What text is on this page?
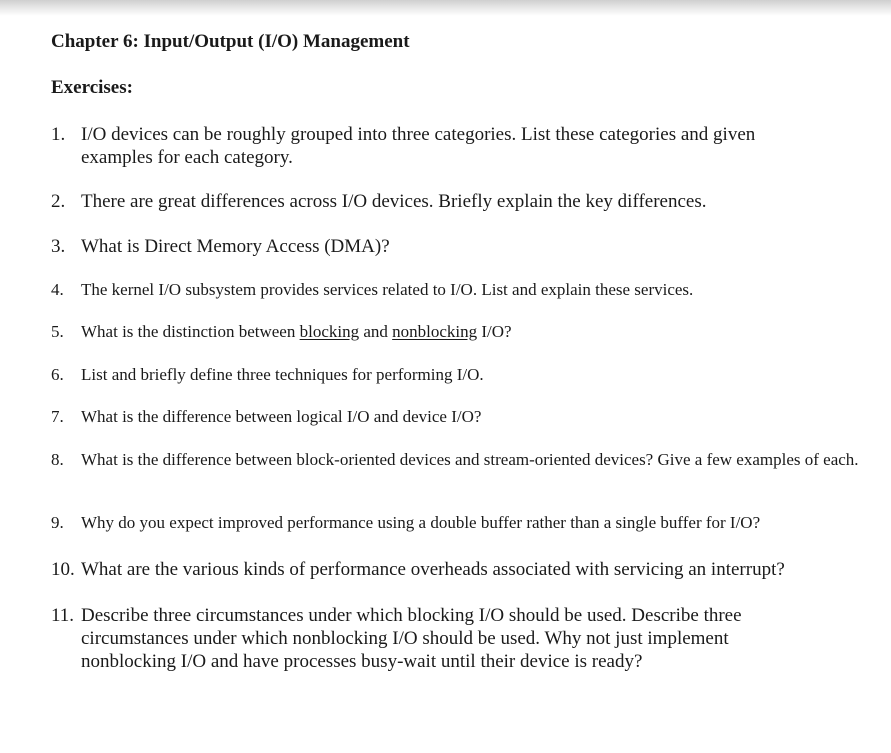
Chapter 6: Input/Output (I/O) Management
Exercises:
1. I/O devices can be roughly grouped into three categories. List these categories and given examples for each category.
2. There are great differences across I/O devices. Briefly explain the key differences.
3. What is Direct Memory Access (DMA)?
4. The kernel I/O subsystem provides services related to I/O. List and explain these services.
5. What is the distinction between blocking and nonblocking I/O?
6. List and briefly define three techniques for performing I/O.
7. What is the difference between logical I/O and device I/O?
8. What is the difference between block-oriented devices and stream-oriented devices? Give a few examples of each.
9. Why do you expect improved performance using a double buffer rather than a single buffer for I/O?
10. What are the various kinds of performance overheads associated with servicing an interrupt?
11. Describe three circumstances under which blocking I/O should be used. Describe three circumstances under which nonblocking I/O should be used. Why not just implement nonblocking I/O and have processes busy-wait until their device is ready?
